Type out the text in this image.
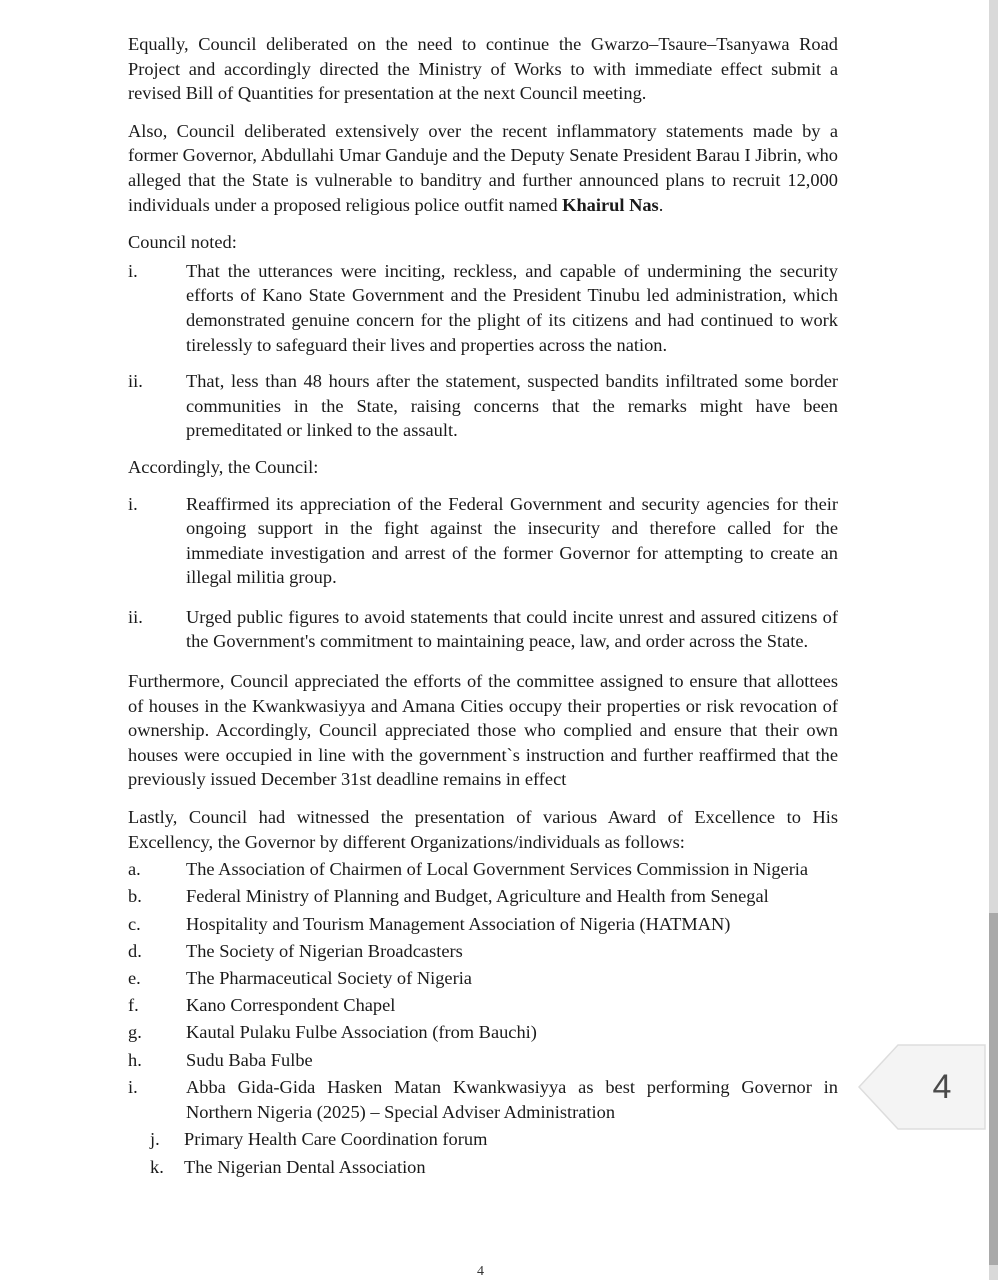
Equally, Council deliberated on the need to continue the Gwarzo–Tsaure–Tsanyawa Road Project and accordingly directed the Ministry of Works to with immediate effect submit a revised Bill of Quantities for presentation at the next Council meeting.

Also, Council deliberated extensively over the recent inflammatory statements made by a former Governor, Abdullahi Umar Ganduje and the Deputy Senate President Barau I Jibrin, who alleged that the State is vulnerable to banditry and further announced plans to recruit 12,000 individuals under a proposed religious police outfit named Khairul Nas.

Council noted:

i.	That the utterances were inciting, reckless, and capable of undermining the security efforts of Kano State Government and the President Tinubu led administration, which demonstrated genuine concern for the plight of its citizens and had continued to work tirelessly to safeguard their lives and properties across the nation.
ii.	That, less than 48 hours after the statement, suspected bandits infiltrated some border communities in the State, raising concerns that the remarks might have been premeditated or linked to the assault.

Accordingly, the Council:

i.	Reaffirmed its appreciation of the Federal Government and security agencies for their ongoing support in the fight against the insecurity and therefore called for the immediate investigation and arrest of the former Governor for attempting to create an illegal militia group.
ii.	Urged public figures to avoid statements that could incite unrest and assured citizens of the Government's commitment to maintaining peace, law, and order across the State.

Furthermore, Council appreciated the efforts of the committee assigned to ensure that allottees of houses in the Kwankwasiyya and Amana Cities occupy their properties or risk revocation of ownership. Accordingly, Council appreciated those who complied and ensure that their own houses were occupied in line with the government`s instruction and further reaffirmed that the previously issued December 31st deadline remains in effect

Lastly, Council had witnessed the presentation of various Award of Excellence to His Excellency, the Governor by different Organizations/individuals as follows:

a.	The Association of Chairmen of Local Government Services Commission in Nigeria
b.	Federal Ministry of Planning and Budget, Agriculture and Health from Senegal
c.	Hospitality and Tourism Management Association of Nigeria (HATMAN)
d.	The Society of Nigerian Broadcasters
e.	The Pharmaceutical Society of Nigeria
f.	Kano Correspondent Chapel
g.	Kautal Pulaku Fulbe Association (from Bauchi)
h.	Sudu Baba Fulbe
i.	Abba Gida-Gida Hasken Matan Kwankwasiyya as best performing Governor in Northern Nigeria (2025) – Special Adviser Administration
j.	Primary Health Care Coordination forum
k.	The Nigerian Dental Association
4
4
